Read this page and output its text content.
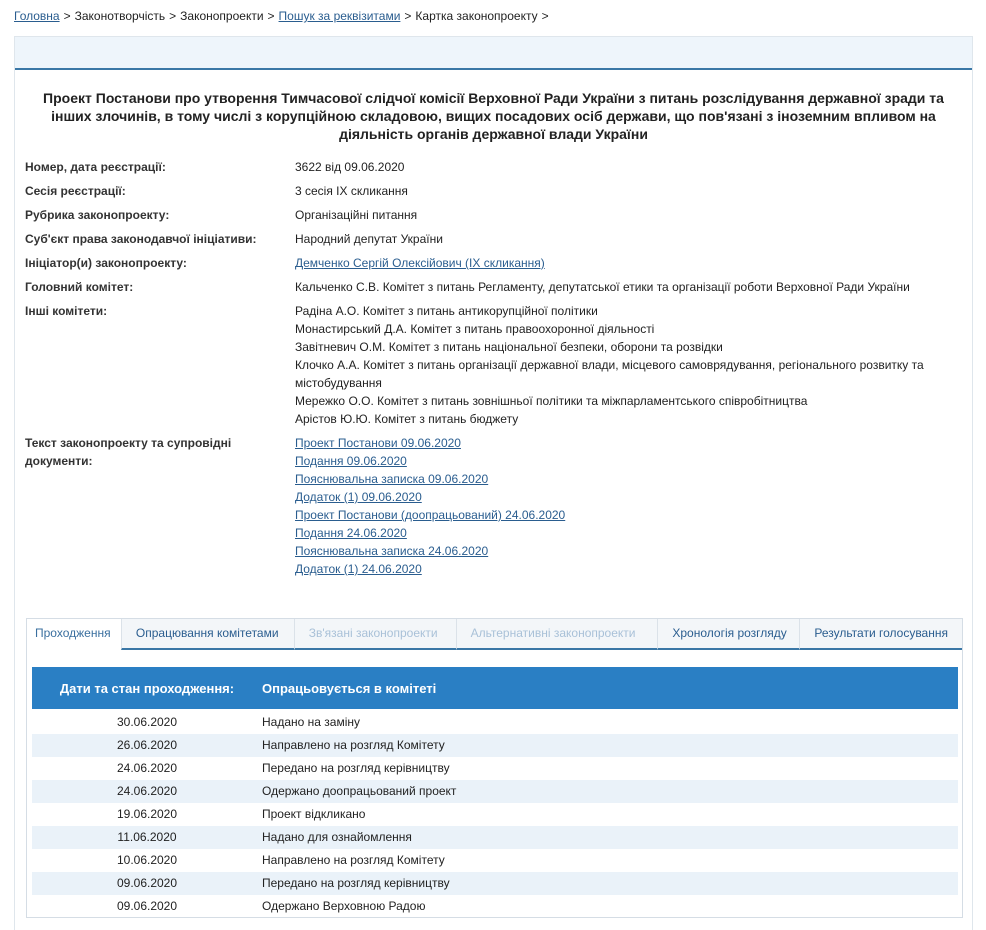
Головна > Законотворчість > Законопроекти > Пошук за реквізитами > Картка законопроекту >
Проект Постанови про утворення Тимчасової слідчої комісії Верховної Ради України з питань розслідування державної зради та інших злочинів, в тому числі з корупційною складовою, вищих посадових осіб держави, що пов'язані з іноземним впливом на діяльність органів державної влади України
Номер, дата реєстрації:	3622 від 09.06.2020
Сесія реєстрації:	3 сесія IX скликання
Рубрика законопроекту:	Організаційні питання
Суб'єкт права законодавчої ініціативи:	Народний депутат України
Ініціатор(и) законопроекту:	Демченко Сергій Олексійович (IX скликання)
Головний комітет:	Кальченко С.В. Комітет з питань Регламенту, депутатської етики та організації роботи Верховної Ради України
Інші комітети:	Радіна А.О. Комітет з питань антикорупційної політики
Монастирський Д.А. Комітет з питань правоохоронної діяльності
Завітневич О.М. Комітет з питань національної безпеки, оборони та розвідки
Клочко А.А. Комітет з питань організації державної влади, місцевого самоврядування, регіонального розвитку та містобудування
Мережко О.О. Комітет з питань зовнішньої політики та міжпарламентського співробітництва
Арістов Ю.Ю. Комітет з питань бюджету
Текст законопроекту та супровідні документи:
Проект Постанови 09.06.2020
Подання 09.06.2020
Пояснювальна записка 09.06.2020
Додаток (1) 09.06.2020
Проект Постанови (доопрацьований) 24.06.2020
Подання 24.06.2020
Пояснювальна записка 24.06.2020
Додаток (1) 24.06.2020
Проходження	Опрацювання комітетами	Зв'язані законопроекти	Альтернативні законопроекти	Хронологія розгляду	Результати голосування
Дати та стан проходження:	Опрацьовується в комітеті
30.06.2020	Надано на заміну
26.06.2020	Направлено на розгляд Комітету
24.06.2020	Передано на розгляд керівництву
24.06.2020	Одержано доопрацьований проект
19.06.2020	Проект відкликано
11.06.2020	Надано для ознайомлення
10.06.2020	Направлено на розгляд Комітету
09.06.2020	Передано на розгляд керівництву
09.06.2020	Одержано Верховною Радою
